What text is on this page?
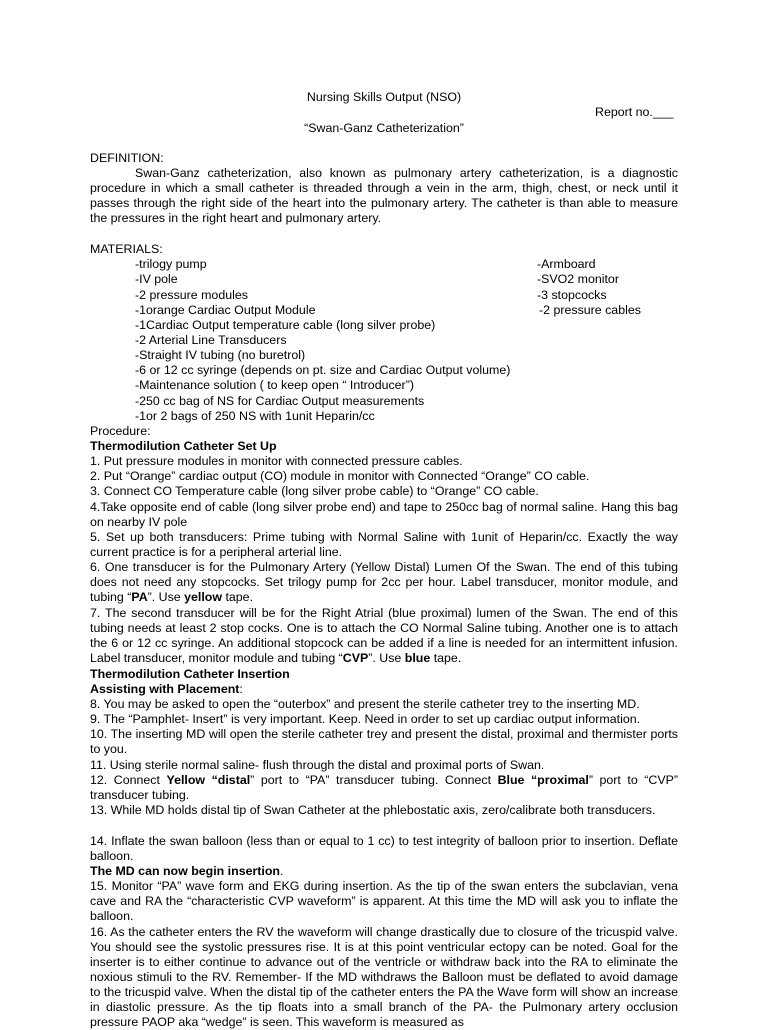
Nursing Skills Output (NSO)
Report no.___
“Swan-Ganz Catheterization”
DEFINITION:
Swan-Ganz catheterization, also known as pulmonary artery catheterization, is a diagnostic procedure in which a small catheter is threaded through a vein in the arm, thigh, chest, or neck until it passes through the right side of the heart into the pulmonary artery. The catheter is than able to measure the pressures in the right heart and pulmonary artery.
MATERIALS:
-trilogy pump
-IV pole
-2 pressure modules
-1orange Cardiac Output Module
-1Cardiac Output temperature cable (long silver probe)
-2 Arterial Line Transducers
-Straight IV tubing (no buretrol)
-6 or 12 cc syringe (depends on pt. size and Cardiac Output volume)
-Maintenance solution ( to keep open “ Introducer”)
-250 cc bag of NS for Cardiac Output measurements
-1or 2 bags of 250 NS with 1unit Heparin/cc
-Armboard
-SVO2 monitor
-3 stopcocks
-2 pressure cables
Procedure:
Thermodilution Catheter Set Up
1. Put pressure modules in monitor with connected pressure cables.
2. Put “Orange” cardiac output (CO) module in monitor with Connected “Orange” CO cable.
3. Connect CO Temperature cable (long silver probe cable) to “Orange” CO cable.
4.Take opposite end of cable (long silver probe end) and tape to 250cc bag of normal saline. Hang this bag on nearby IV pole
5. Set up both transducers: Prime tubing with Normal Saline with 1unit of Heparin/cc. Exactly the way current practice is for a peripheral arterial line.
6. One transducer is for the Pulmonary Artery (Yellow Distal) Lumen Of the Swan. The end of this tubing does not need any stopcocks. Set trilogy pump for 2cc per hour. Label transducer, monitor module, and tubing “PA”. Use yellow tape.
7. The second transducer will be for the Right Atrial (blue proximal) lumen of the Swan. The end of this tubing needs at least 2 stop cocks. One is to attach the CO Normal Saline tubing. Another one is to attach the 6 or 12 cc syringe. An additional stopcock can be added if a line is needed for an intermittent infusion. Label transducer, monitor module and tubing “CVP”. Use blue tape.
Thermodilution Catheter Insertion
Assisting with Placement:
8. You may be asked to open the “outerbox” and present the sterile catheter trey to the inserting MD.
9. The “Pamphlet- Insert” is very important. Keep. Need in order to set up cardiac output information.
10. The inserting MD will open the sterile catheter trey and present the distal, proximal and thermister ports to you.
11. Using sterile normal saline- flush through the distal and proximal ports of Swan.
12. Connect Yellow “distal” port to “PA” transducer tubing. Connect Blue “proximal” port to “CVP” transducer tubing.
13. While MD holds distal tip of Swan Catheter at the phlebostatic axis, zero/calibrate both transducers.
14. Inflate the swan balloon (less than or equal to 1 cc) to test integrity of balloon prior to insertion. Deflate balloon.
The MD can now begin insertion.
15. Monitor “PA” wave form and EKG during insertion. As the tip of the swan enters the subclavian, vena cave and RA the “characteristic CVP waveform” is apparent. At this time the MD will ask you to inflate the balloon.
16. As the catheter enters the RV the waveform will change drastically due to closure of the tricuspid valve. You should see the systolic pressures rise. It is at this point ventricular ectopy can be noted. Goal for the inserter is to either continue to advance out of the ventricle or withdraw back into the RA to eliminate the noxious stimuli to the RV. Remember- If the MD withdraws the Balloon must be deflated to avoid damage to the tricuspid valve. When the distal tip of the catheter enters the PA the Wave form will show an increase in diastolic pressure. As the tip floats into a small branch of the PA- the Pulmonary artery occlusion pressure PAOP aka “wedge” is seen. This waveform is measured as
